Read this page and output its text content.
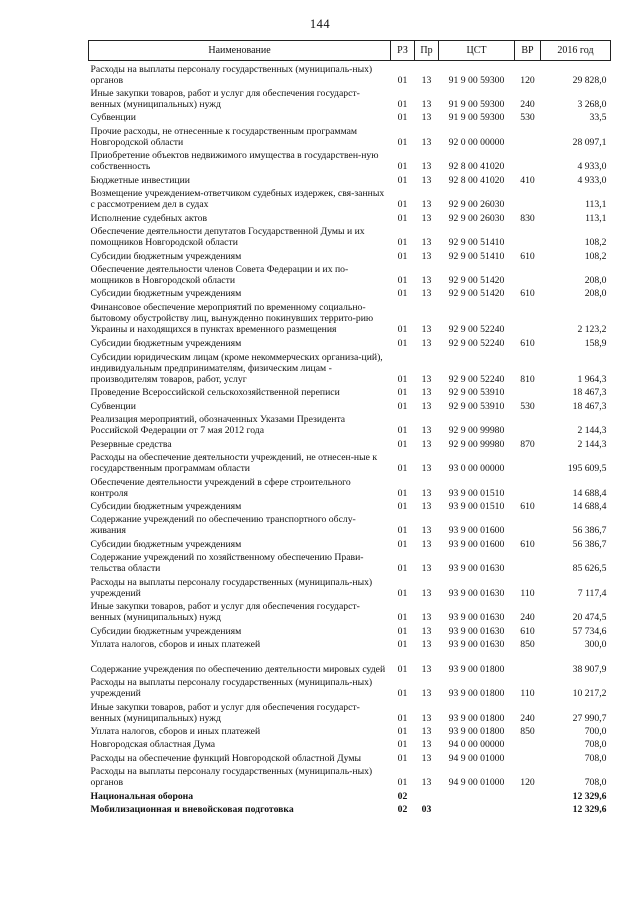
144
Наименование	РЗ	Пр	ЦСТ	ВР	2016 год
Расходы на выплаты персоналу государственных (муниципаль-ных) органов	01	13	91 9 00 59300	120	29 828,0
Иные закупки товаров, работ и услуг для обеспечения государст-венных (муниципальных) нужд	01	13	91 9 00 59300	240	3 268,0
Субвенции	01	13	91 9 00 59300	530	33,5
Прочие расходы, не отнесенные к государственным программам Новгородской области	01	13	92 0 00 00000		28 097,1
Приобретение объектов недвижимого имущества в государствен-ную собственность	01	13	92 8 00 41020		4 933,0
Бюджетные инвестиции	01	13	92 8 00 41020	410	4 933,0
Возмещение учреждением-ответчиком судебных издержек, свя-занных с рассмотрением дел в судах	01	13	92 9 00 26030		113,1
Исполнение судебных актов	01	13	92 9 00 26030	830	113,1
Обеспечение деятельности депутатов Государственной Думы и их помощников Новгородской области	01	13	92 9 00 51410		108,2
Субсидии бюджетным учреждениям	01	13	92 9 00 51410	610	108,2
Обеспечение деятельности членов Совета Федерации и их по-мощников в Новгородской области	01	13	92 9 00 51420		208,0
Субсидии бюджетным учреждениям	01	13	92 9 00 51420	610	208,0
Финансовое обеспечение мероприятий по временному социально-бытовому обустройству лиц, вынужденно покинувших террито-рию Украины и находящихся в пунктах временного размещения	01	13	92 9 00 52240		2 123,2
Субсидии бюджетным учреждениям	01	13	92 9 00 52240	610	158,9
Субсидии юридическим лицам (кроме некоммерческих организа-ций), индивидуальным предпринимателям, физическим лицам - производителям товаров, работ, услуг	01	13	92 9 00 52240	810	1 964,3
Проведение Всероссийской сельскохозяйственной переписи	01	13	92 9 00 53910		18 467,3
Субвенции	01	13	92 9 00 53910	530	18 467,3
Реализация мероприятий, обозначенных Указами Президента Российской Федерации от 7 мая 2012 года	01	13	92 9 00 99980		2 144,3
Резервные средства	01	13	92 9 00 99980	870	2 144,3
Расходы на обеспечение деятельности учреждений, не отнесен-ные к государственным программам области	01	13	93 0 00 00000		195 609,5
Обеспечение деятельности учреждений в сфере строительного контроля	01	13	93 9 00 01510		14 688,4
Субсидии бюджетным учреждениям	01	13	93 9 00 01510	610	14 688,4
Содержание учреждений по обеспечению транспортного обслу-живания	01	13	93 9 00 01600		56 386,7
Субсидии бюджетным учреждениям	01	13	93 9 00 01600	610	56 386,7
Содержание учреждений по хозяйственному обеспечению Прави-тельства области	01	13	93 9 00 01630		85 626,5
Расходы на выплаты персоналу государственных (муниципаль-ных) учреждений	01	13	93 9 00 01630	110	7 117,4
Иные закупки товаров, работ и услуг для обеспечения государст-венных (муниципальных) нужд	01	13	93 9 00 01630	240	20 474,5
Субсидии бюджетным учреждениям	01	13	93 9 00 01630	610	57 734,6
Уплата налогов, сборов и иных платежей	01	13	93 9 00 01630	850	300,0
Содержание учреждения по обеспечению деятельности мировых судей	01	13	93 9 00 01800		38 907,9
Расходы на выплаты персоналу государственных (муниципаль-ных) учреждений	01	13	93 9 00 01800	110	10 217,2
Иные закупки товаров, работ и услуг для обеспечения государст-венных (муниципальных) нужд	01	13	93 9 00 01800	240	27 990,7
Уплата налогов, сборов и иных платежей	01	13	93 9 00 01800	850	700,0
Новгородская областная Дума	01	13	94 0 00 00000		708,0
Расходы на обеспечение функций Новгородской областной Думы	01	13	94 9 00 01000		708,0
Расходы на выплаты персоналу государственных (муниципаль-ных) органов	01	13	94 9 00 01000	120	708,0
Национальная оборона	02				12 329,6
Мобилизационная и вневойсковая подготовка	02	03			12 329,6
